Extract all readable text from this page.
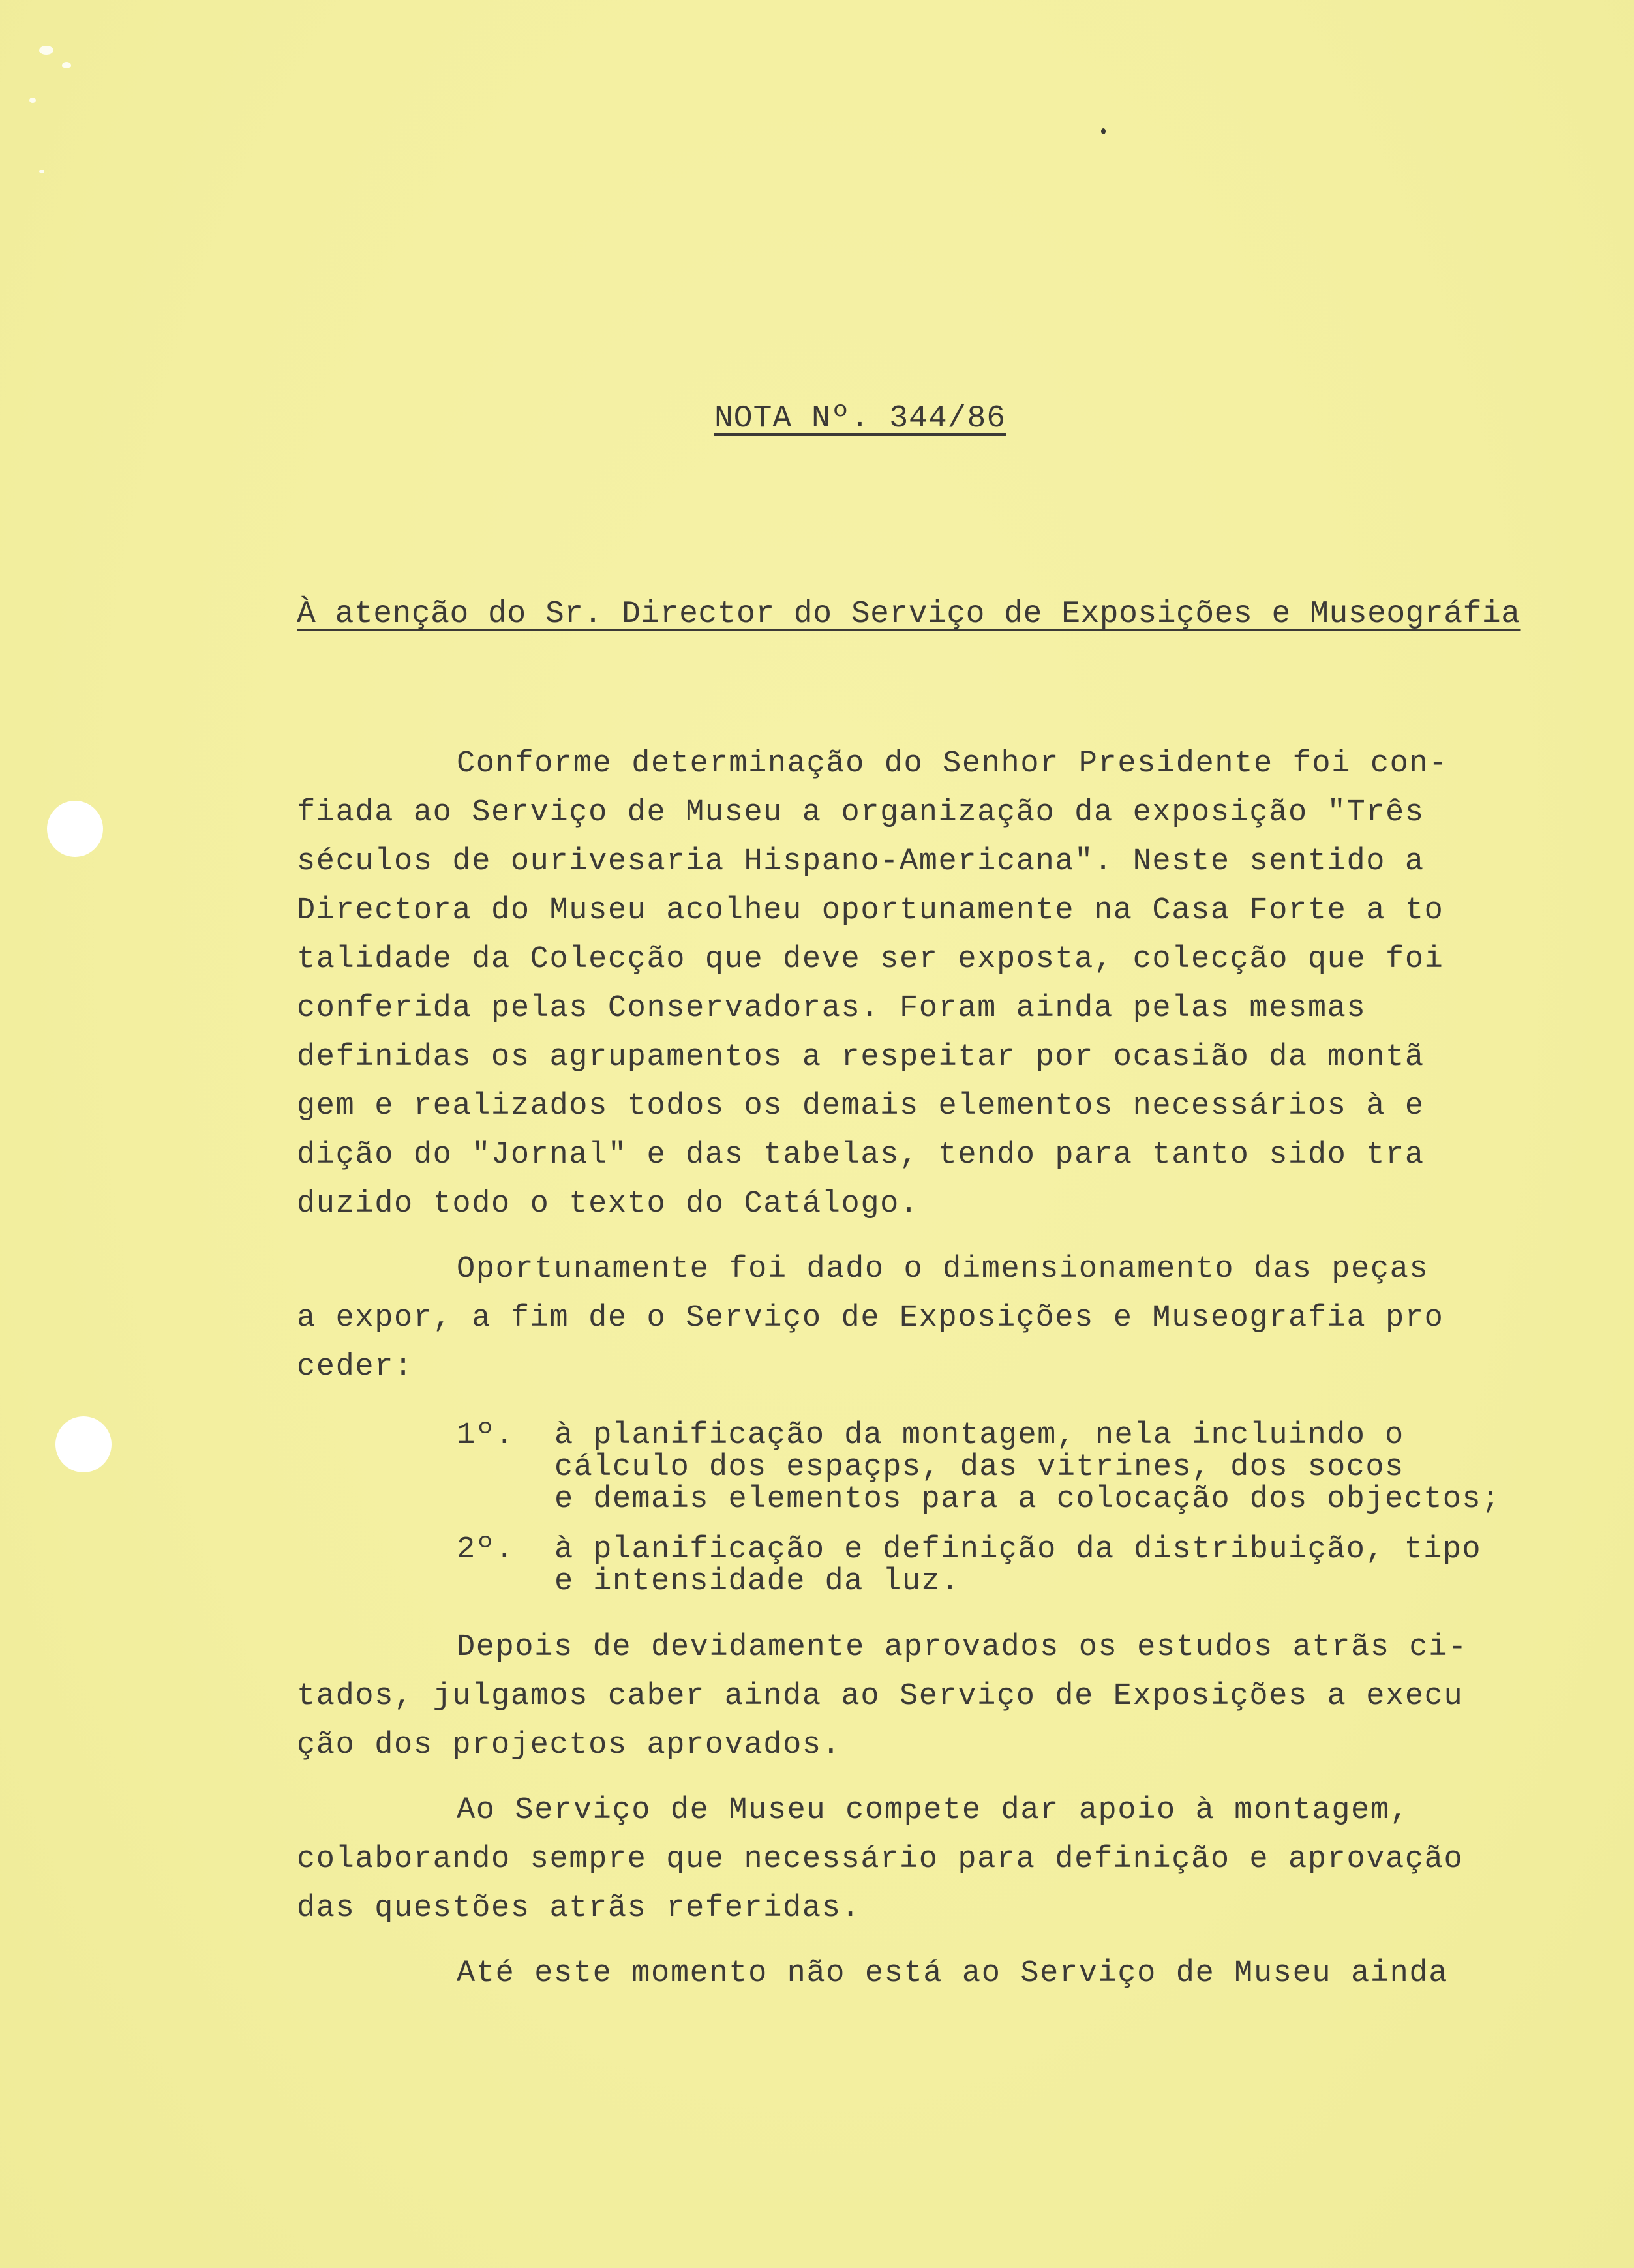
NOTA Nº. 344/86
À atenção do Sr. Director do Serviço de Exposições e Museográfia
Conforme determinação do Senhor Presidente foi con-
fiada ao Serviço de Museu a organização da exposição "Três
séculos de ourivesaria Hispano-Americana". Neste sentido a
Directora do Museu acolheu oportunamente na Casa Forte a to
talidade da Colecção que deve ser exposta, colecção que foi
conferida pelas Conservadoras. Foram ainda pelas mesmas
definidas os agrupamentos a respeitar por ocasião da montã
gem e realizados todos os demais elementos necessários à e
dição do "Jornal" e das tabelas, tendo para tanto sido tra
duzido todo o texto do Catálogo.
Oportunamente foi dado o dimensionamento das peças
a expor, a fim de o Serviço de Exposições e Museografia pro
ceder:
1º. à planificação da montagem, nela incluindo o
cálculo dos espaçps, das vitrines, dos socos
e demais elementos para a colocação dos objectos;
2º. à planificação e definição da distribuição, tipo
e intensidade da luz.
Depois de devidamente aprovados os estudos atrãs ci-
tados, julgamos caber ainda ao Serviço de Exposições a execu
ção dos projectos aprovados.
Ao Serviço de Museu compete dar apoio à montagem,
colaborando sempre que necessário para definição e aprovação
das questões atrãs referidas.
Até este momento não está ao Serviço de Museu ainda
